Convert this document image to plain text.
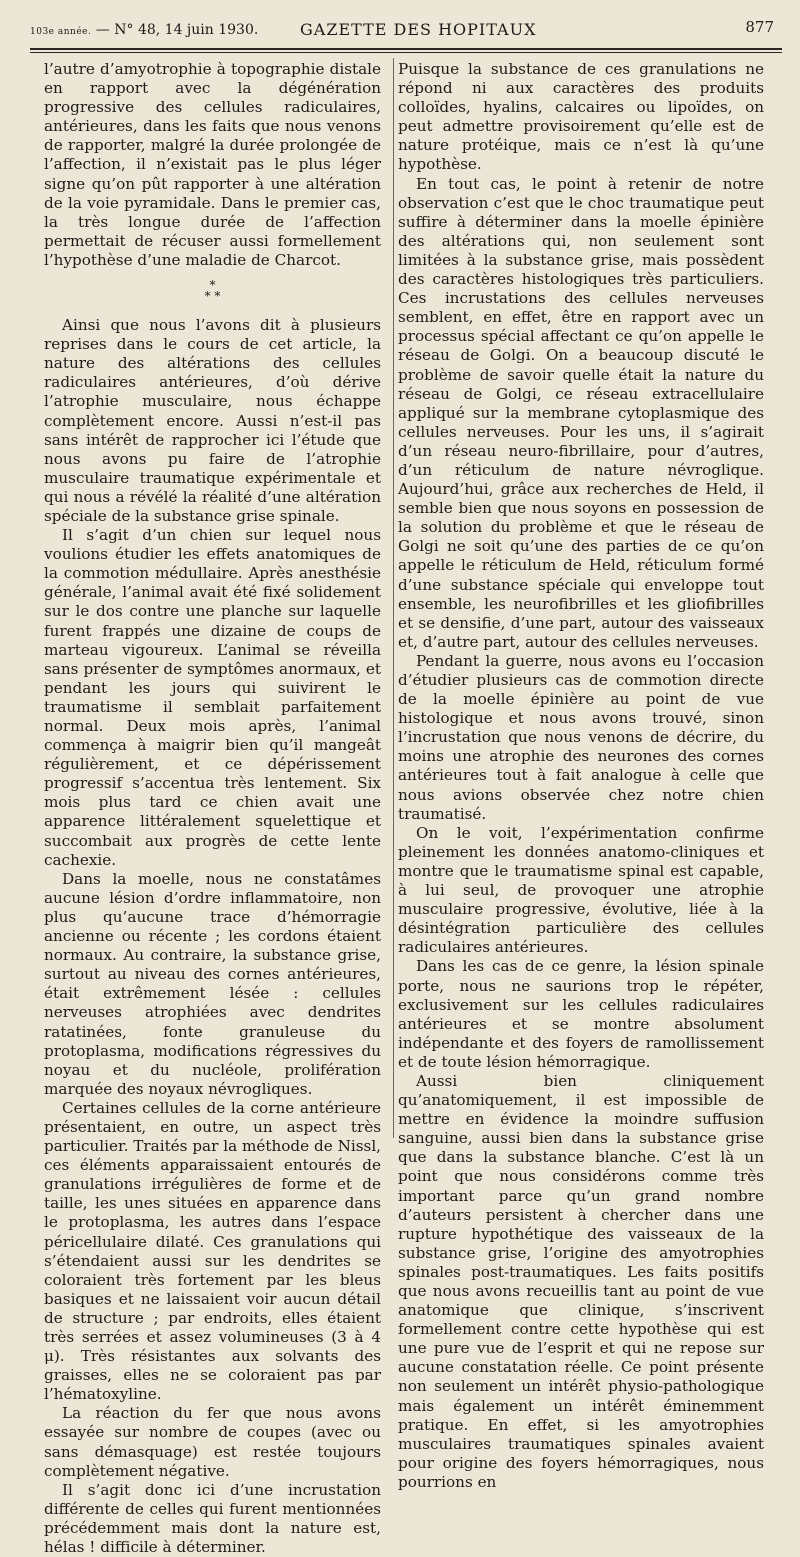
103e année. — N° 48, 14 juin 1930.	GAZETTE DES HOPITAUX	877

l’autre d’amyotrophie à topographie distale en rapport avec la dégénération progressive des cellules radiculaires, antérieures, dans les faits que nous venons de rapporter, malgré la durée prolongée de l’affection, il n’existait pas le plus léger signe qu’on pût rapporter à une altération de la voie pyramidale. Dans le premier cas, la très longue durée de l’affection permettait de récuser aussi formellement l’hypothèse d’une maladie de Charcot.

*
* *

Ainsi que nous l’avons dit à plusieurs reprises dans le cours de cet article, la nature des altérations des cellules radiculaires antérieures, d’où dérive l’atrophie musculaire, nous échappe complètement encore. Aussi n’est-il pas sans intérêt de rapprocher ici l’étude que nous avons pu faire de l’atrophie musculaire traumatique expérimentale et qui nous a révélé la réalité d’une altération spéciale de la substance grise spinale.

Il s’agit d’un chien sur lequel nous voulions étudier les effets anatomiques de la commotion médullaire. Après anesthésie générale, l’animal avait été fixé solidement sur le dos contre une planche sur laquelle furent frappés une dizaine de coups de marteau vigoureux. L’animal se réveilla sans présenter de symptômes anormaux, et pendant les jours qui suivirent le traumatisme il semblait parfaitement normal. Deux mois après, l’animal commença à maigrir bien qu’il mangeât régulièrement, et ce dépérissement progressif s’accentua très lentement. Six mois plus tard ce chien avait une apparence littéralement squelettique et succombait aux progrès de cette lente cachexie.

Dans la moelle, nous ne constatâmes aucune lésion d’ordre inflammatoire, non plus qu’aucune trace d’hémorragie ancienne ou récente ; les cordons étaient normaux. Au contraire, la substance grise, surtout au niveau des cornes antérieures, était extrêmement lésée : cellules nerveuses atrophiées avec dendrites ratatinées, fonte granuleuse du protoplasma, modifications régressives du noyau et du nucléole, prolifération marquée des noyaux névrogliques.

Certaines cellules de la corne antérieure présentaient, en outre, un aspect très particulier. Traités par la méthode de Nissl, ces éléments apparaissaient entourés de granulations irrégulières de forme et de taille, les unes situées en apparence dans le protoplasma, les autres dans l’espace péricellulaire dilaté. Ces granulations qui s’étendaient aussi sur les dendrites se coloraient très fortement par les bleus basiques et ne laissaient voir aucun détail de structure ; par endroits, elles étaient très serrées et assez volumineuses (3 à 4 μ). Très résistantes aux solvants des graisses, elles ne se coloraient pas par l’hématoxyline.

La réaction du fer que nous avons essayée sur nombre de coupes (avec ou sans démasquage) est restée toujours complètement négative.

Il s’agit donc ici d’une incrustation différente de celles qui furent mentionnées précédemment mais dont la nature est, hélas ! difficile à déterminer.

Puisque la substance de ces granulations ne répond ni aux caractères des produits colloïdes, hyalins, calcaires ou lipoïdes, on peut admettre provisoirement qu’elle est de nature protéique, mais ce n’est là qu’une hypothèse.

En tout cas, le point à retenir de notre observation c’est que le choc traumatique peut suffire à déterminer dans la moelle épinière des altérations qui, non seulement sont limitées à la substance grise, mais possèdent des caractères histologiques très particuliers. Ces incrustations des cellules nerveuses semblent, en effet, être en rapport avec un processus spécial affectant ce qu’on appelle le réseau de Golgi. On a beaucoup discuté le problème de savoir quelle était la nature du réseau de Golgi, ce réseau extracellulaire appliqué sur la membrane cytoplasmique des cellules nerveuses. Pour les uns, il s’agirait d’un réseau neuro-fibrillaire, pour d’autres, d’un réticulum de nature névroglique. Aujourd’hui, grâce aux recherches de Held, il semble bien que nous soyons en possession de la solution du problème et que le réseau de Golgi ne soit qu’une des parties de ce qu’on appelle le réticulum de Held, réticulum formé d’une substance spéciale qui enveloppe tout ensemble, les neurofibrilles et les gliofibrilles et se densifie, d’une part, autour des vaisseaux et, d’autre part, autour des cellules nerveuses.

Pendant la guerre, nous avons eu l’occasion d’étudier plusieurs cas de commotion directe de la moelle épinière au point de vue histologique et nous avons trouvé, sinon l’incrustation que nous venons de décrire, du moins une atrophie des neurones des cornes antérieures tout à fait analogue à celle que nous avions observée chez notre chien traumatisé.

On le voit, l’expérimentation confirme pleinement les données anatomo-cliniques et montre que le traumatisme spinal est capable, à lui seul, de provoquer une atrophie musculaire progressive, évolutive, liée à la désintégration particulière des cellules radiculaires antérieures.

Dans les cas de ce genre, la lésion spinale porte, nous ne saurions trop le répéter, exclusivement sur les cellules radiculaires antérieures et se montre absolument indépendante et des foyers de ramollissement et de toute lésion hémorragique.

Aussi bien cliniquement qu’anatomiquement, il est impossible de mettre en évidence la moindre suffusion sanguine, aussi bien dans la substance grise que dans la substance blanche. C’est là un point que nous considérons comme très important parce qu’un grand nombre d’auteurs persistent à chercher dans une rupture hypothétique des vaisseaux de la substance grise, l’origine des amyotrophies spinales post-traumatiques. Les faits positifs que nous avons recueillis tant au point de vue anatomique que clinique, s’inscrivent formellement contre cette hypothèse qui est une pure vue de l’esprit et qui ne repose sur aucune constatation réelle. Ce point présente non seulement un intérêt physio-pathologique mais également un intérêt éminemment pratique. En effet, si les amyotrophies musculaires traumatiques spinales avaient pour origine des foyers hémorragiques, nous pourrions en
